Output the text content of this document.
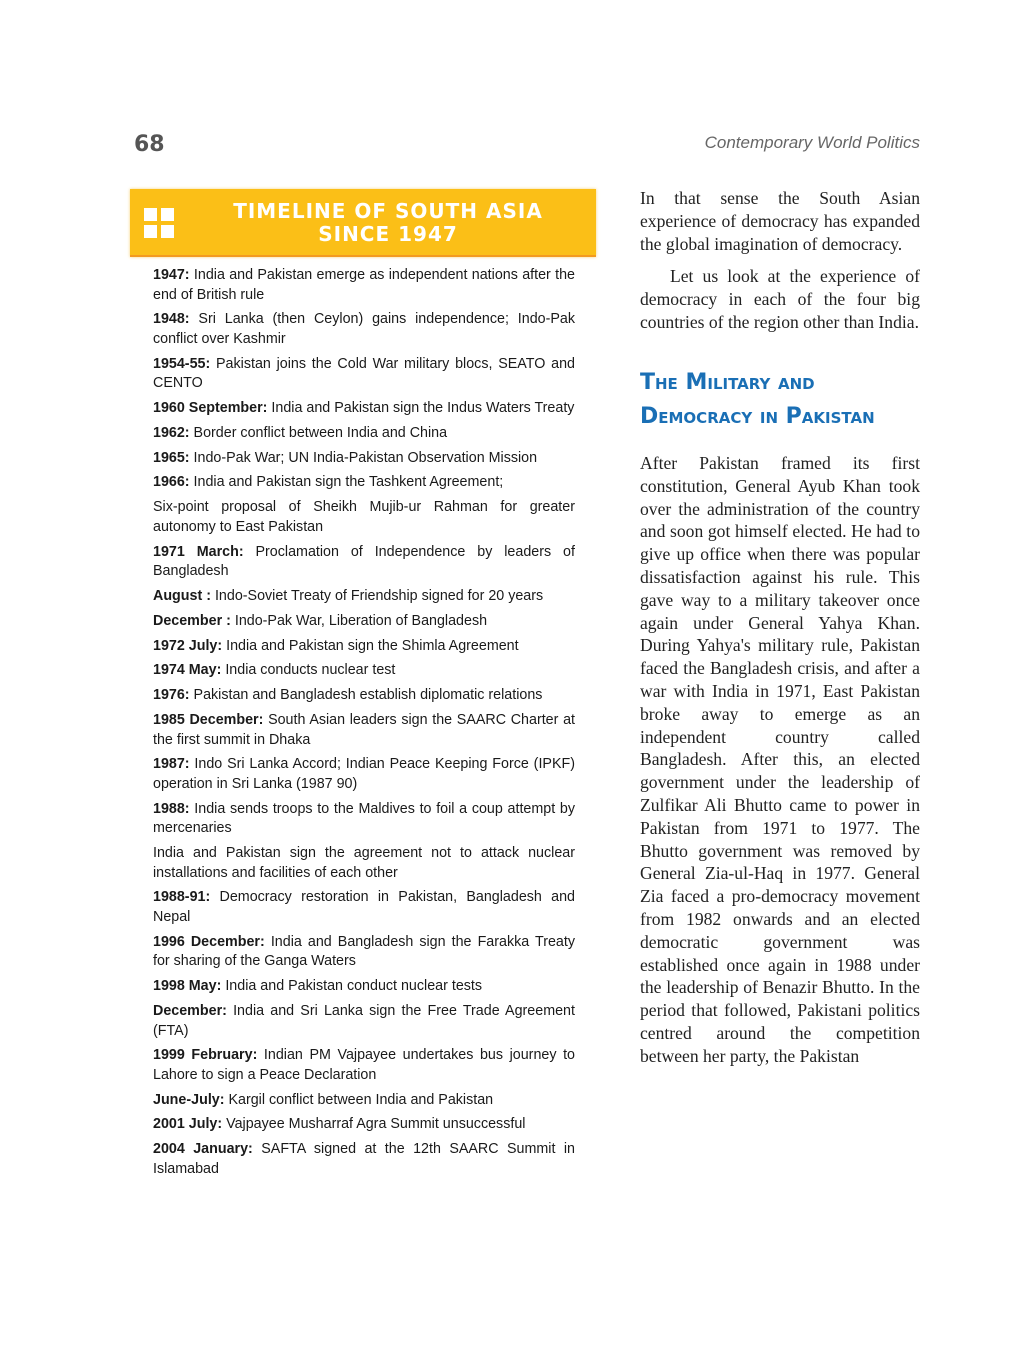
68	Contemporary World Politics
TIMELINE OF SOUTH ASIA
SINCE 1947
1947: India and Pakistan emerge as independent nations after the end of British rule
1948: Sri Lanka (then Ceylon) gains independence; Indo-Pak conflict over Kashmir
1954-55: Pakistan joins the Cold War military blocs, SEATO and CENTO
1960 September: India and Pakistan sign the Indus Waters Treaty
1962: Border conflict between India and China
1965: Indo-Pak War; UN India-Pakistan Observation Mission
1966: India and Pakistan sign the Tashkent Agreement;
Six-point proposal of Sheikh Mujib-ur Rahman for greater autonomy to East Pakistan
1971 March: Proclamation of Independence by leaders of Bangladesh
August : Indo-Soviet Treaty of Friendship signed for 20 years
December : Indo-Pak War, Liberation of Bangladesh
1972 July: India and Pakistan sign the Shimla Agreement
1974 May: India conducts nuclear test
1976: Pakistan and Bangladesh establish diplomatic relations
1985 December: South Asian leaders sign the SAARC Charter at the first summit in Dhaka
1987: Indo Sri Lanka Accord; Indian Peace Keeping Force (IPKF) operation in Sri Lanka (1987 90)
1988: India sends troops to the Maldives to foil a coup attempt by mercenaries
India and Pakistan sign the agreement not to attack nuclear installations and facilities of each other
1988-91: Democracy restoration in Pakistan, Bangladesh and Nepal
1996 December: India and Bangladesh sign the Farakka Treaty for sharing of the Ganga Waters
1998 May: India and Pakistan conduct nuclear tests
December: India and Sri Lanka sign the Free Trade Agreement (FTA)
1999 February: Indian PM Vajpayee undertakes bus journey to Lahore to sign a Peace Declaration
June-July: Kargil conflict between India and Pakistan
2001 July: Vajpayee Musharraf Agra Summit unsuccessful
2004 January: SAFTA signed at the 12th SAARC Summit in Islamabad

In that sense the South Asian experience of democracy has expanded the global imagination of democracy.

Let us look at the experience of democracy in each of the four big countries of the region other than India.

The Military and
Democracy in Pakistan

After Pakistan framed its first constitution, General Ayub Khan took over the administration of the country and soon got himself elected. He had to give up office when there was popular dissatisfaction against his rule. This gave way to a military takeover once again under General Yahya Khan. During Yahya's military rule, Pakistan faced the Bangladesh crisis, and after a war with India in 1971, East Pakistan broke away to emerge as an independent country called Bangladesh. After this, an elected government under the leadership of Zulfikar Ali Bhutto came to power in Pakistan from 1971 to 1977. The Bhutto government was removed by General Zia-ul-Haq in 1977. General Zia faced a pro-democracy movement from 1982 onwards and an elected democratic government was established once again in 1988 under the leadership of Benazir Bhutto. In the period that followed, Pakistani politics centred around the competition between her party, the Pakistan
